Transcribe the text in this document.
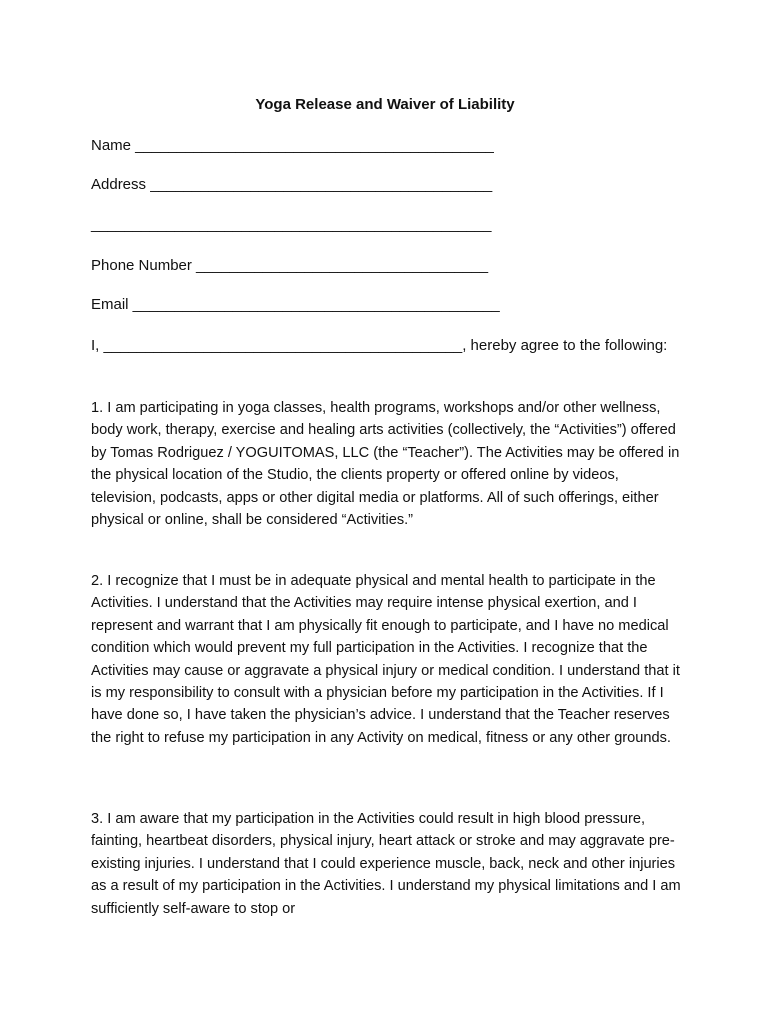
Yoga Release and Waiver of Liability
Name ___________________________________________
Address _________________________________________
________________________________________________
Phone Number ___________________________________
Email ____________________________________________
I, ___________________________________________, hereby agree to the following:
1. I am participating in yoga classes, health programs, workshops and/or other wellness, body work, therapy, exercise and healing arts activities (collectively, the “Activities”) offered by Tomas Rodriguez / YOGUITOMAS, LLC (the “Teacher”). The Activities may be offered in the physical location of the Studio, the clients property or offered online by videos, television, podcasts, apps or other digital media or platforms. All of such offerings, either physical or online, shall be considered “Activities.”
2. I recognize that I must be in adequate physical and mental health to participate in the Activities. I understand that the Activities may require intense physical exertion, and I represent and warrant that I am physically fit enough to participate, and I have no medical condition which would prevent my full participation in the Activities. I recognize that the Activities may cause or aggravate a physical injury or medical condition. I understand that it is my responsibility to consult with a physician before my participation in the Activities. If I have done so, I have taken the physician’s advice. I understand that the Teacher reserves the right to refuse my participation in any Activity on medical, fitness or any other grounds.
3. I am aware that my participation in the Activities could result in high blood pressure, fainting, heartbeat disorders, physical injury, heart attack or stroke and may aggravate pre-existing injuries. I understand that I could experience muscle, back, neck and other injuries as a result of my participation in the Activities. I understand my physical limitations and I am sufficiently self-aware to stop or
